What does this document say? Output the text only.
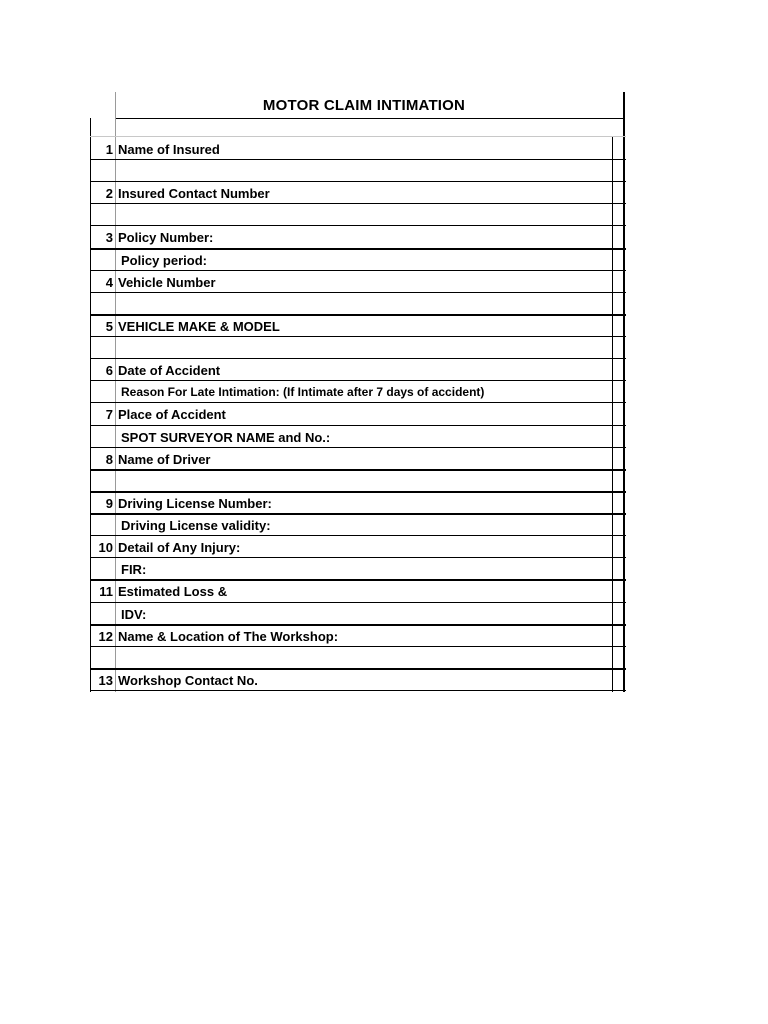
MOTOR CLAIM INTIMATION
1 Name of Insured
2 Insured Contact Number
3 Policy Number:
Policy period:
4 Vehicle Number
5 VEHICLE MAKE & MODEL
6 Date of Accident
Reason For Late Intimation: (If Intimate after 7 days of accident)
7 Place of Accident
SPOT SURVEYOR NAME and No.:
8 Name of Driver
9 Driving License Number:
Driving License validity:
10 Detail of Any Injury:
FIR:
11 Estimated Loss &
IDV:
12 Name & Location of The Workshop:
13 Workshop Contact No.
